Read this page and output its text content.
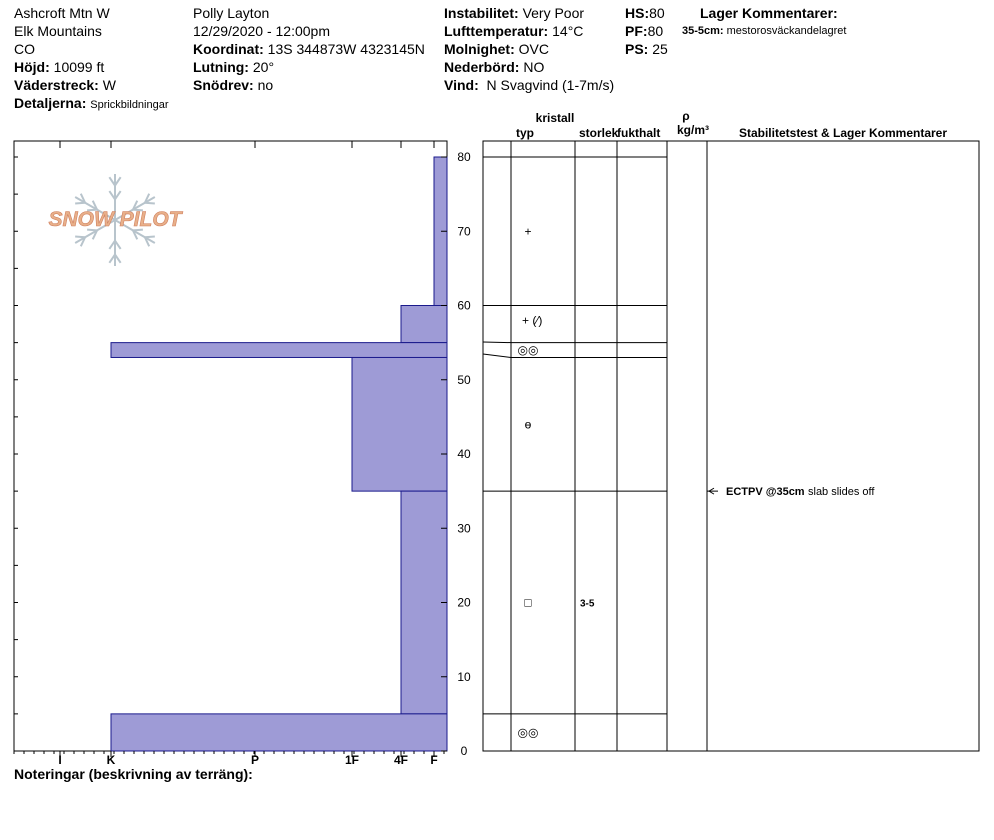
Ashcroft Mtn W
Elk Mountains
CO
Höjd: 10099 ft
Väderstreck: W
Detaljerna: Sprickbildningar
Polly Layton
12/29/2020 - 12:00pm
Koordinat: 13S 344873W 4323145N
Lutning: 20°
Snödrev: no
Instabilitet: Very Poor
Lufttemperatur: 14°C
Molnighet: OVC
Nederbörd: NO
Vind: N Svagvind (1-7m/s)
HS:80
PF:80
PS: 25
Lager Kommentarer:
35-5cm: mestorosväckandelagret
SNOW PILOT
I	K	P	1F	4F F
0
10
20
30
40
50
60
70
80
ECTPV @35cm slab slides off
+
+ (⁄)
◎◎
ɵ
□	3-5
◎◎
kristall
typ	storlek
fukthalt
ρ
kg/m³ Stabilitetstest & Lager Kommentarer
Noteringar (beskrivning av terräng):
